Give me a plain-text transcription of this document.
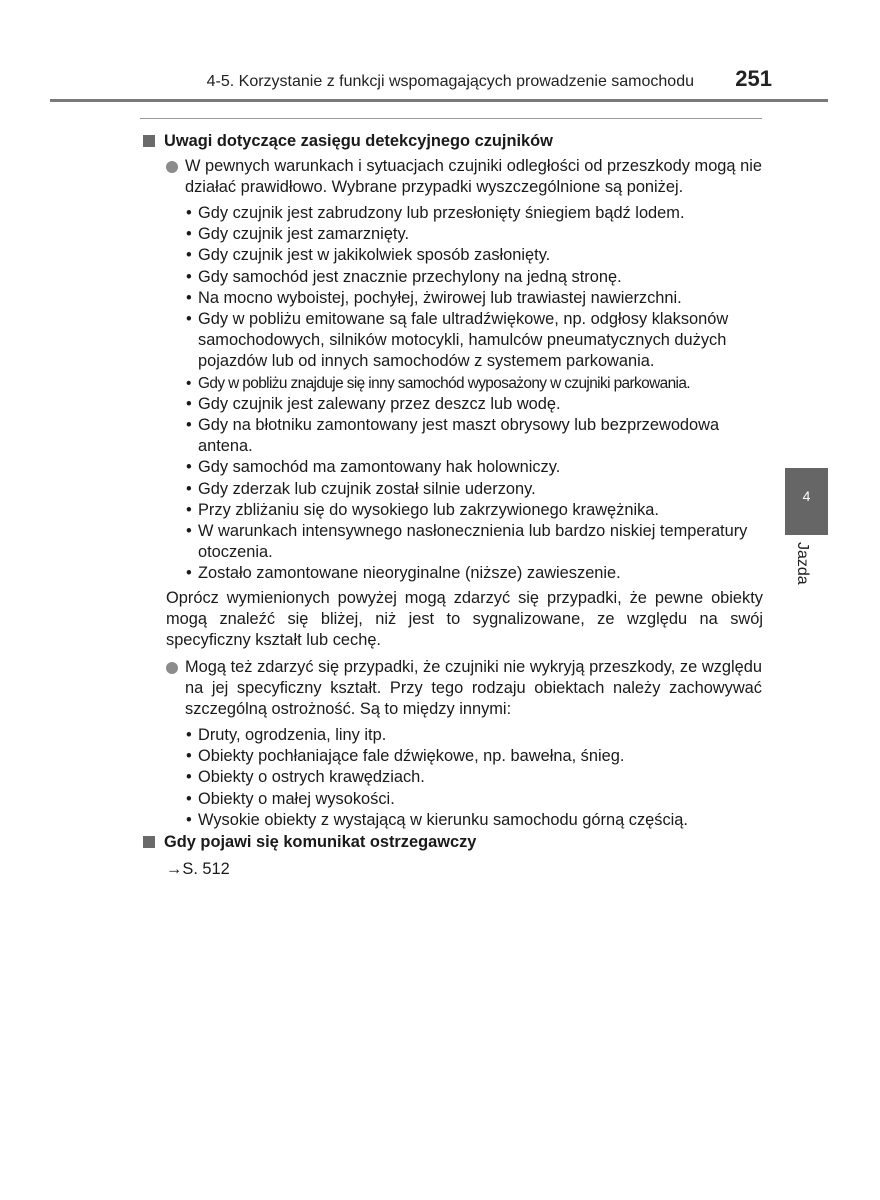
4-5. Korzystanie z funkcji wspomagających prowadzenie samochodu 251
4
Jazda
Uwagi dotyczące zasięgu detekcyjnego czujników
W pewnych warunkach i sytuacjach czujniki odległości od przeszkody mogą nie działać prawidłowo. Wybrane przypadki wyszczególnione są poniżej.
• Gdy czujnik jest zabrudzony lub przesłonięty śniegiem bądź lodem.
• Gdy czujnik jest zamarznięty.
• Gdy czujnik jest w jakikolwiek sposób zasłonięty.
• Gdy samochód jest znacznie przechylony na jedną stronę.
• Na mocno wyboistej, pochyłej, żwirowej lub trawiastej nawierzchni.
• Gdy w pobliżu emitowane są fale ultradźwiękowe, np. odgłosy klaksonów samochodowych, silników motocykli, hamulców pneumatycznych dużych pojazdów lub od innych samochodów z systemem parkowania.
• Gdy w pobliżu znajduje się inny samochód wyposażony w czujniki parkowania.
• Gdy czujnik jest zalewany przez deszcz lub wodę.
• Gdy na błotniku zamontowany jest maszt obrysowy lub bezprzewodowa antena.
• Gdy samochód ma zamontowany hak holowniczy.
• Gdy zderzak lub czujnik został silnie uderzony.
• Przy zbliżaniu się do wysokiego lub zakrzywionego krawężnika.
• W warunkach intensywnego nasłonecznienia lub bardzo niskiej temperatury otoczenia.
• Zostało zamontowane nieoryginalne (niższe) zawieszenie.
Oprócz wymienionych powyżej mogą zdarzyć się przypadki, że pewne obiekty mogą znaleźć się bliżej, niż jest to sygnalizowane, ze względu na swój specyficzny kształt lub cechę.
Mogą też zdarzyć się przypadki, że czujniki nie wykryją przeszkody, ze względu na jej specyficzny kształt. Przy tego rodzaju obiektach należy zachowywać szczególną ostrożność. Są to między innymi:
• Druty, ogrodzenia, liny itp.
• Obiekty pochłaniające fale dźwiękowe, np. bawełna, śnieg.
• Obiekty o ostrych krawędziach.
• Obiekty o małej wysokości.
• Wysokie obiekty z wystającą w kierunku samochodu górną częścią.
Gdy pojawi się komunikat ostrzegawczy
→S. 512
